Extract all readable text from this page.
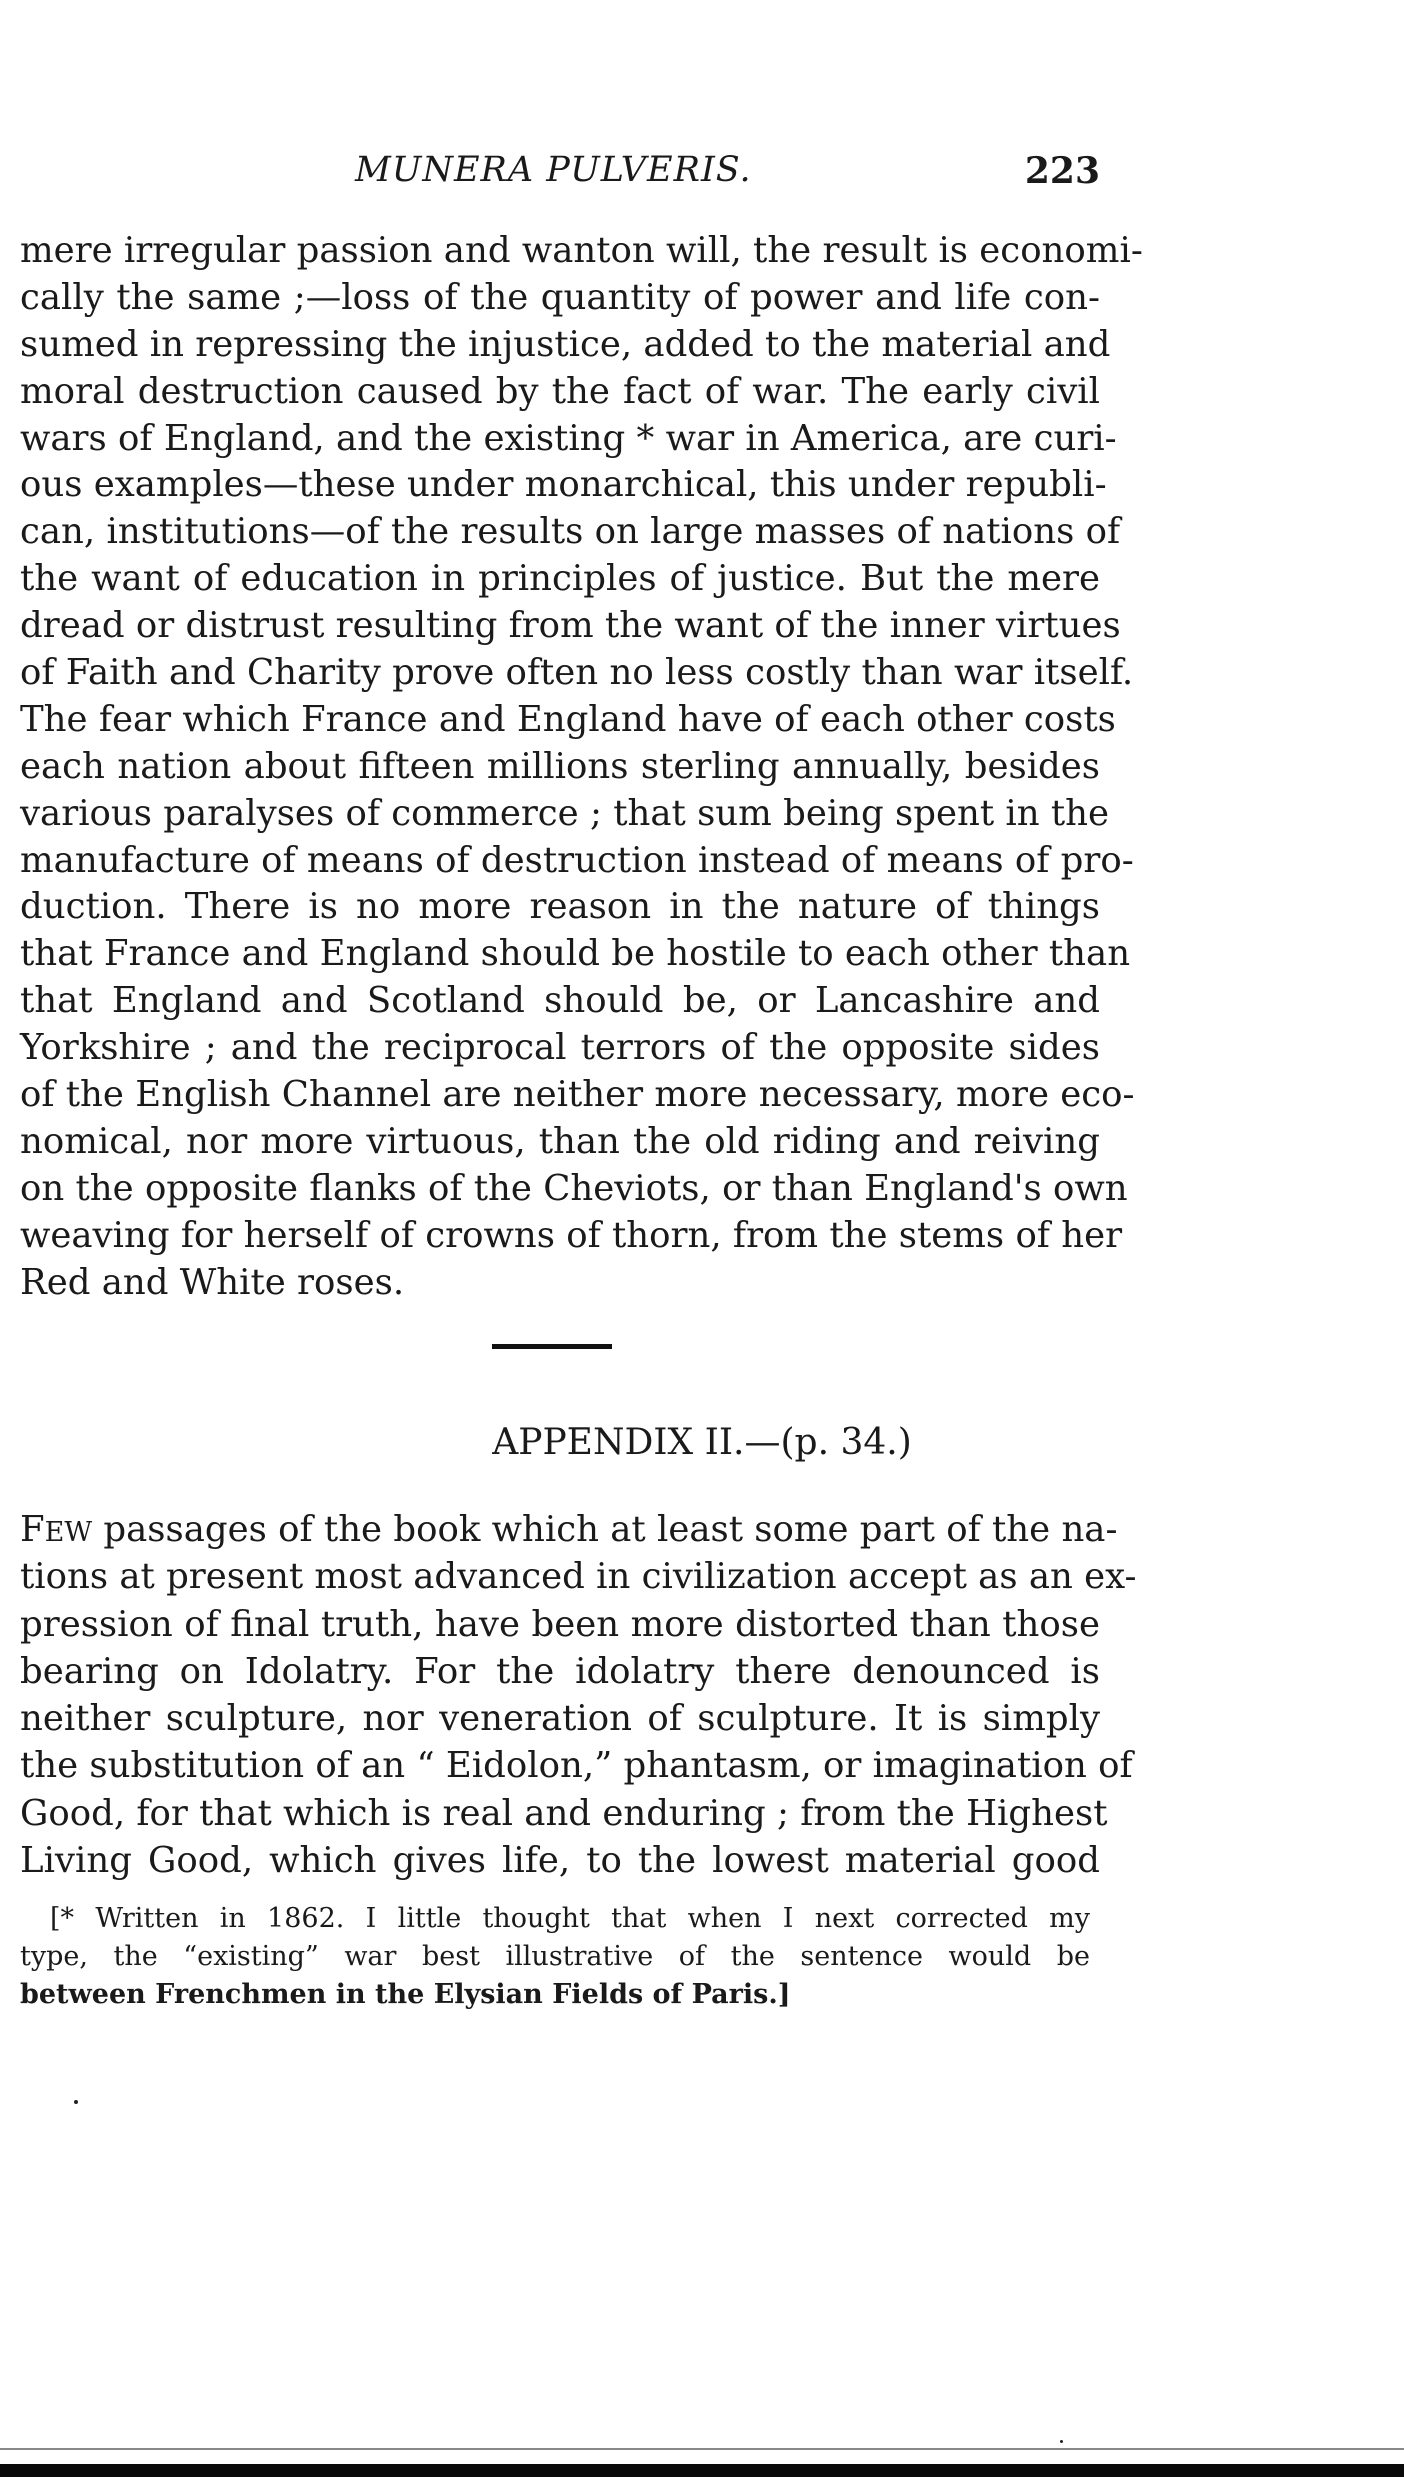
MUNERA PULVERIS.	223
mere irregular passion and wanton will, the result is economi-
cally the same ;—loss of the quantity of power and life con-
sumed in repressing the injustice, added to the material and
moral destruction caused by the fact of war. The early civil
wars of England, and the existing * war in America, are curi-
ous examples—these under monarchical, this under republi-
can, institutions—of the results on large masses of nations of
the want of education in principles of justice. But the mere
dread or distrust resulting from the want of the inner virtues
of Faith and Charity prove often no less costly than war itself.
The fear which France and England have of each other costs
each nation about fifteen millions sterling annually, besides
various paralyses of commerce ; that sum being spent in the
manufacture of means of destruction instead of means of pro-
duction. There is no more reason in the nature of things
that France and England should be hostile to each other than
that England and Scotland should be, or Lancashire and
Yorkshire ; and the reciprocal terrors of the opposite sides
of the English Channel are neither more necessary, more eco-
nomical, nor more virtuous, than the old riding and reiving
on the opposite flanks of the Cheviots, or than England's own
weaving for herself of crowns of thorn, from the stems of her
Red and White roses.
APPENDIX II.—(p. 34.)
FEW passages of the book which at least some part of the na-
tions at present most advanced in civilization accept as an ex-
pression of final truth, have been more distorted than those
bearing on Idolatry. For the idolatry there denounced is
neither sculpture, nor veneration of sculpture. It is simply
the substitution of an “ Eidolon,” phantasm, or imagination of
Good, for that which is real and enduring ; from the Highest
Living Good, which gives life, to the lowest material good
[* Written in 1862. I little thought that when I next corrected my
type, the “existing” war best illustrative of the sentence would be
between Frenchmen in the Elysian Fields of Paris.]
